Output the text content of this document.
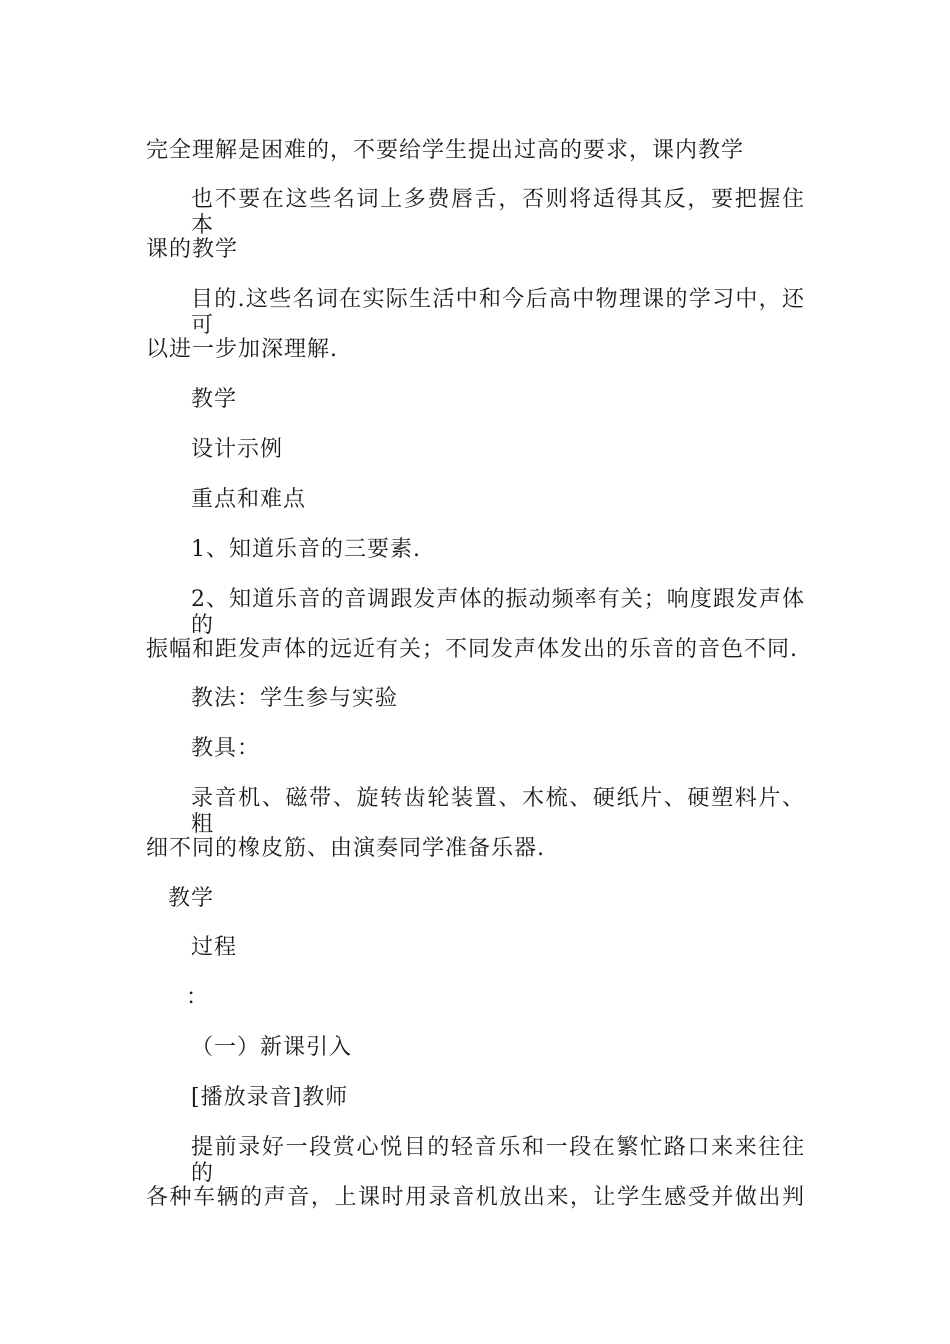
完全理解是困难的，不要给学生提出过高的要求，课内教学
也不要在这些名词上多费唇舌，否则将适得其反，要把握住本
课的教学
目的.这些名词在实际生活中和今后高中物理课的学习中，还可
以进一步加深理解.
教学
设计示例
重点和难点
1、知道乐音的三要素.
2、知道乐音的音调跟发声体的振动频率有关；响度跟发声体的
振幅和距发声体的远近有关；不同发声体发出的乐音的音色不同.
教法：学生参与实验
教具：
录音机、磁带、旋转齿轮装置、木梳、硬纸片、硬塑料片、粗
细不同的橡皮筋、由演奏同学准备乐器.
教学
过程
：
（一）新课引入
[播放录音]教师
提前录好一段赏心悦目的轻音乐和一段在繁忙路口来来往往的
各种车辆的声音，上课时用录音机放出来，让学生感受并做出判
